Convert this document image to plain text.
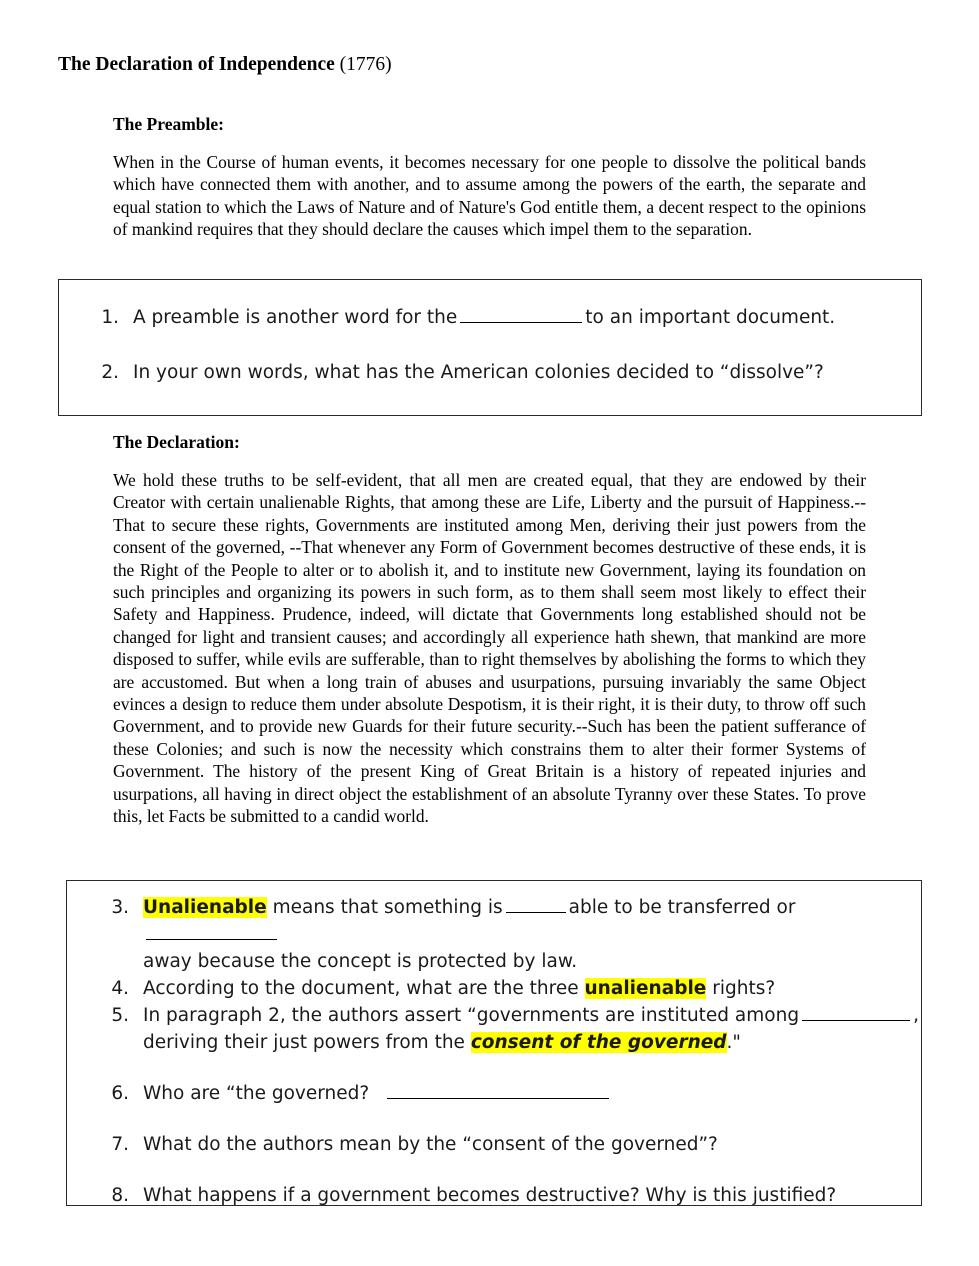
The Declaration of Independence (1776)
The Preamble:

When in the Course of human events, it becomes necessary for one people to dissolve the political bands which have connected them with another, and to assume among the powers of the earth, the separate and equal station to which the Laws of Nature and of Nature's God entitle them, a decent respect to the opinions of mankind requires that they should declare the causes which impel them to the separation.

1. A preamble is another word for the	to an important document.
2. In your own words, what has the American colonies decided to “dissolve”?
The Declaration:

We hold these truths to be self-evident, that all men are created equal, that they are endowed by their Creator with certain unalienable Rights, that among these are Life, Liberty and the pursuit of Happiness.--That to secure these rights, Governments are instituted among Men, deriving their just powers from the consent of the governed, --That whenever any Form of Government becomes destructive of these ends, it is the Right of the People to alter or to abolish it, and to institute new Government, laying its foundation on such principles and organizing its powers in such form, as to them shall seem most likely to effect their Safety and Happiness. Prudence, indeed, will dictate that Governments long established should not be changed for light and transient causes; and accordingly all experience hath shewn, that mankind are more disposed to suffer, while evils are sufferable, than to right themselves by abolishing the forms to which they are accustomed. But when a long train of abuses and usurpations, pursuing invariably the same Object evinces a design to reduce them under absolute Despotism, it is their right, it is their duty, to throw off such Government, and to provide new Guards for their future security.--Such has been the patient sufferance of these Colonies; and such is now the necessity which constrains them to alter their former Systems of Government. The history of the present King of Great Britain is a history of repeated injuries and usurpations, all having in direct object the establishment of an absolute Tyranny over these States. To prove this, let Facts be submitted to a candid world.

3. Unalienable means that something is	able to be transferred or
away because the concept is protected by law.
4. According to the document, what are the three unalienable rights?
5. In paragraph 2, the authors assert “governments are instituted among	,
deriving their just powers from the consent of the governed."
6. Who are “the governed?
7. What do the authors mean by the “consent of the governed”?
8. What happens if a government becomes destructive? Why is this justified?
